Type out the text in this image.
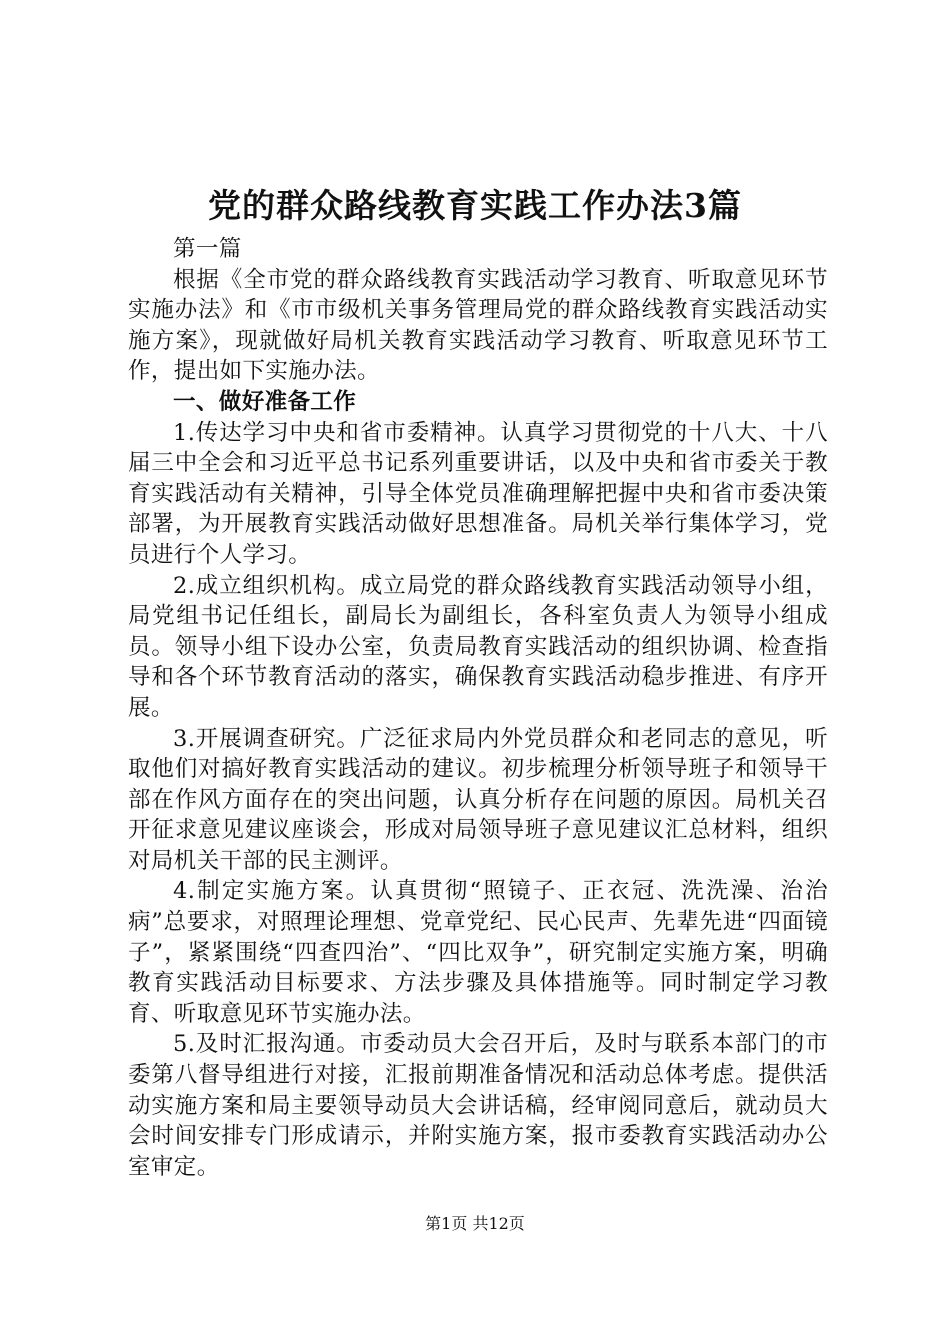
党的群众路线教育实践工作办法3篇

第一篇

根据《全市党的群众路线教育实践活动学习教育、听取意见环节实施办法》和《市市级机关事务管理局党的群众路线教育实践活动实施方案》，现就做好局机关教育实践活动学习教育、听取意见环节工作，提出如下实施办法。

一、做好准备工作

1.传达学习中央和省市委精神。认真学习贯彻党的十八大、十八届三中全会和习近平总书记系列重要讲话，以及中央和省市委关于教育实践活动有关精神，引导全体党员准确理解把握中央和省市委决策部署，为开展教育实践活动做好思想准备。局机关举行集体学习，党员进行个人学习。

2.成立组织机构。成立局党的群众路线教育实践活动领导小组，局党组书记任组长，副局长为副组长，各科室负责人为领导小组成员。领导小组下设办公室，负责局教育实践活动的组织协调、检查指导和各个环节教育活动的落实，确保教育实践活动稳步推进、有序开展。

3.开展调查研究。广泛征求局内外党员群众和老同志的意见，听取他们对搞好教育实践活动的建议。初步梳理分析领导班子和领导干部在作风方面存在的突出问题，认真分析存在问题的原因。局机关召开征求意见建议座谈会，形成对局领导班子意见建议汇总材料，组织对局机关干部的民主测评。

4.制定实施方案。认真贯彻“照镜子、正衣冠、洗洗澡、治治病”总要求，对照理论理想、党章党纪、民心民声、先辈先进“四面镜子”，紧紧围绕“四查四治”、“四比双争”，研究制定实施方案，明确教育实践活动目标要求、方法步骤及具体措施等。同时制定学习教育、听取意见环节实施办法。

5.及时汇报沟通。市委动员大会召开后，及时与联系本部门的市委第八督导组进行对接，汇报前期准备情况和活动总体考虑。提供活动实施方案和局主要领导动员大会讲话稿，经审阅同意后，就动员大会时间安排专门形成请示，并附实施方案，报市委教育实践活动办公室审定。

第1页 共12页
